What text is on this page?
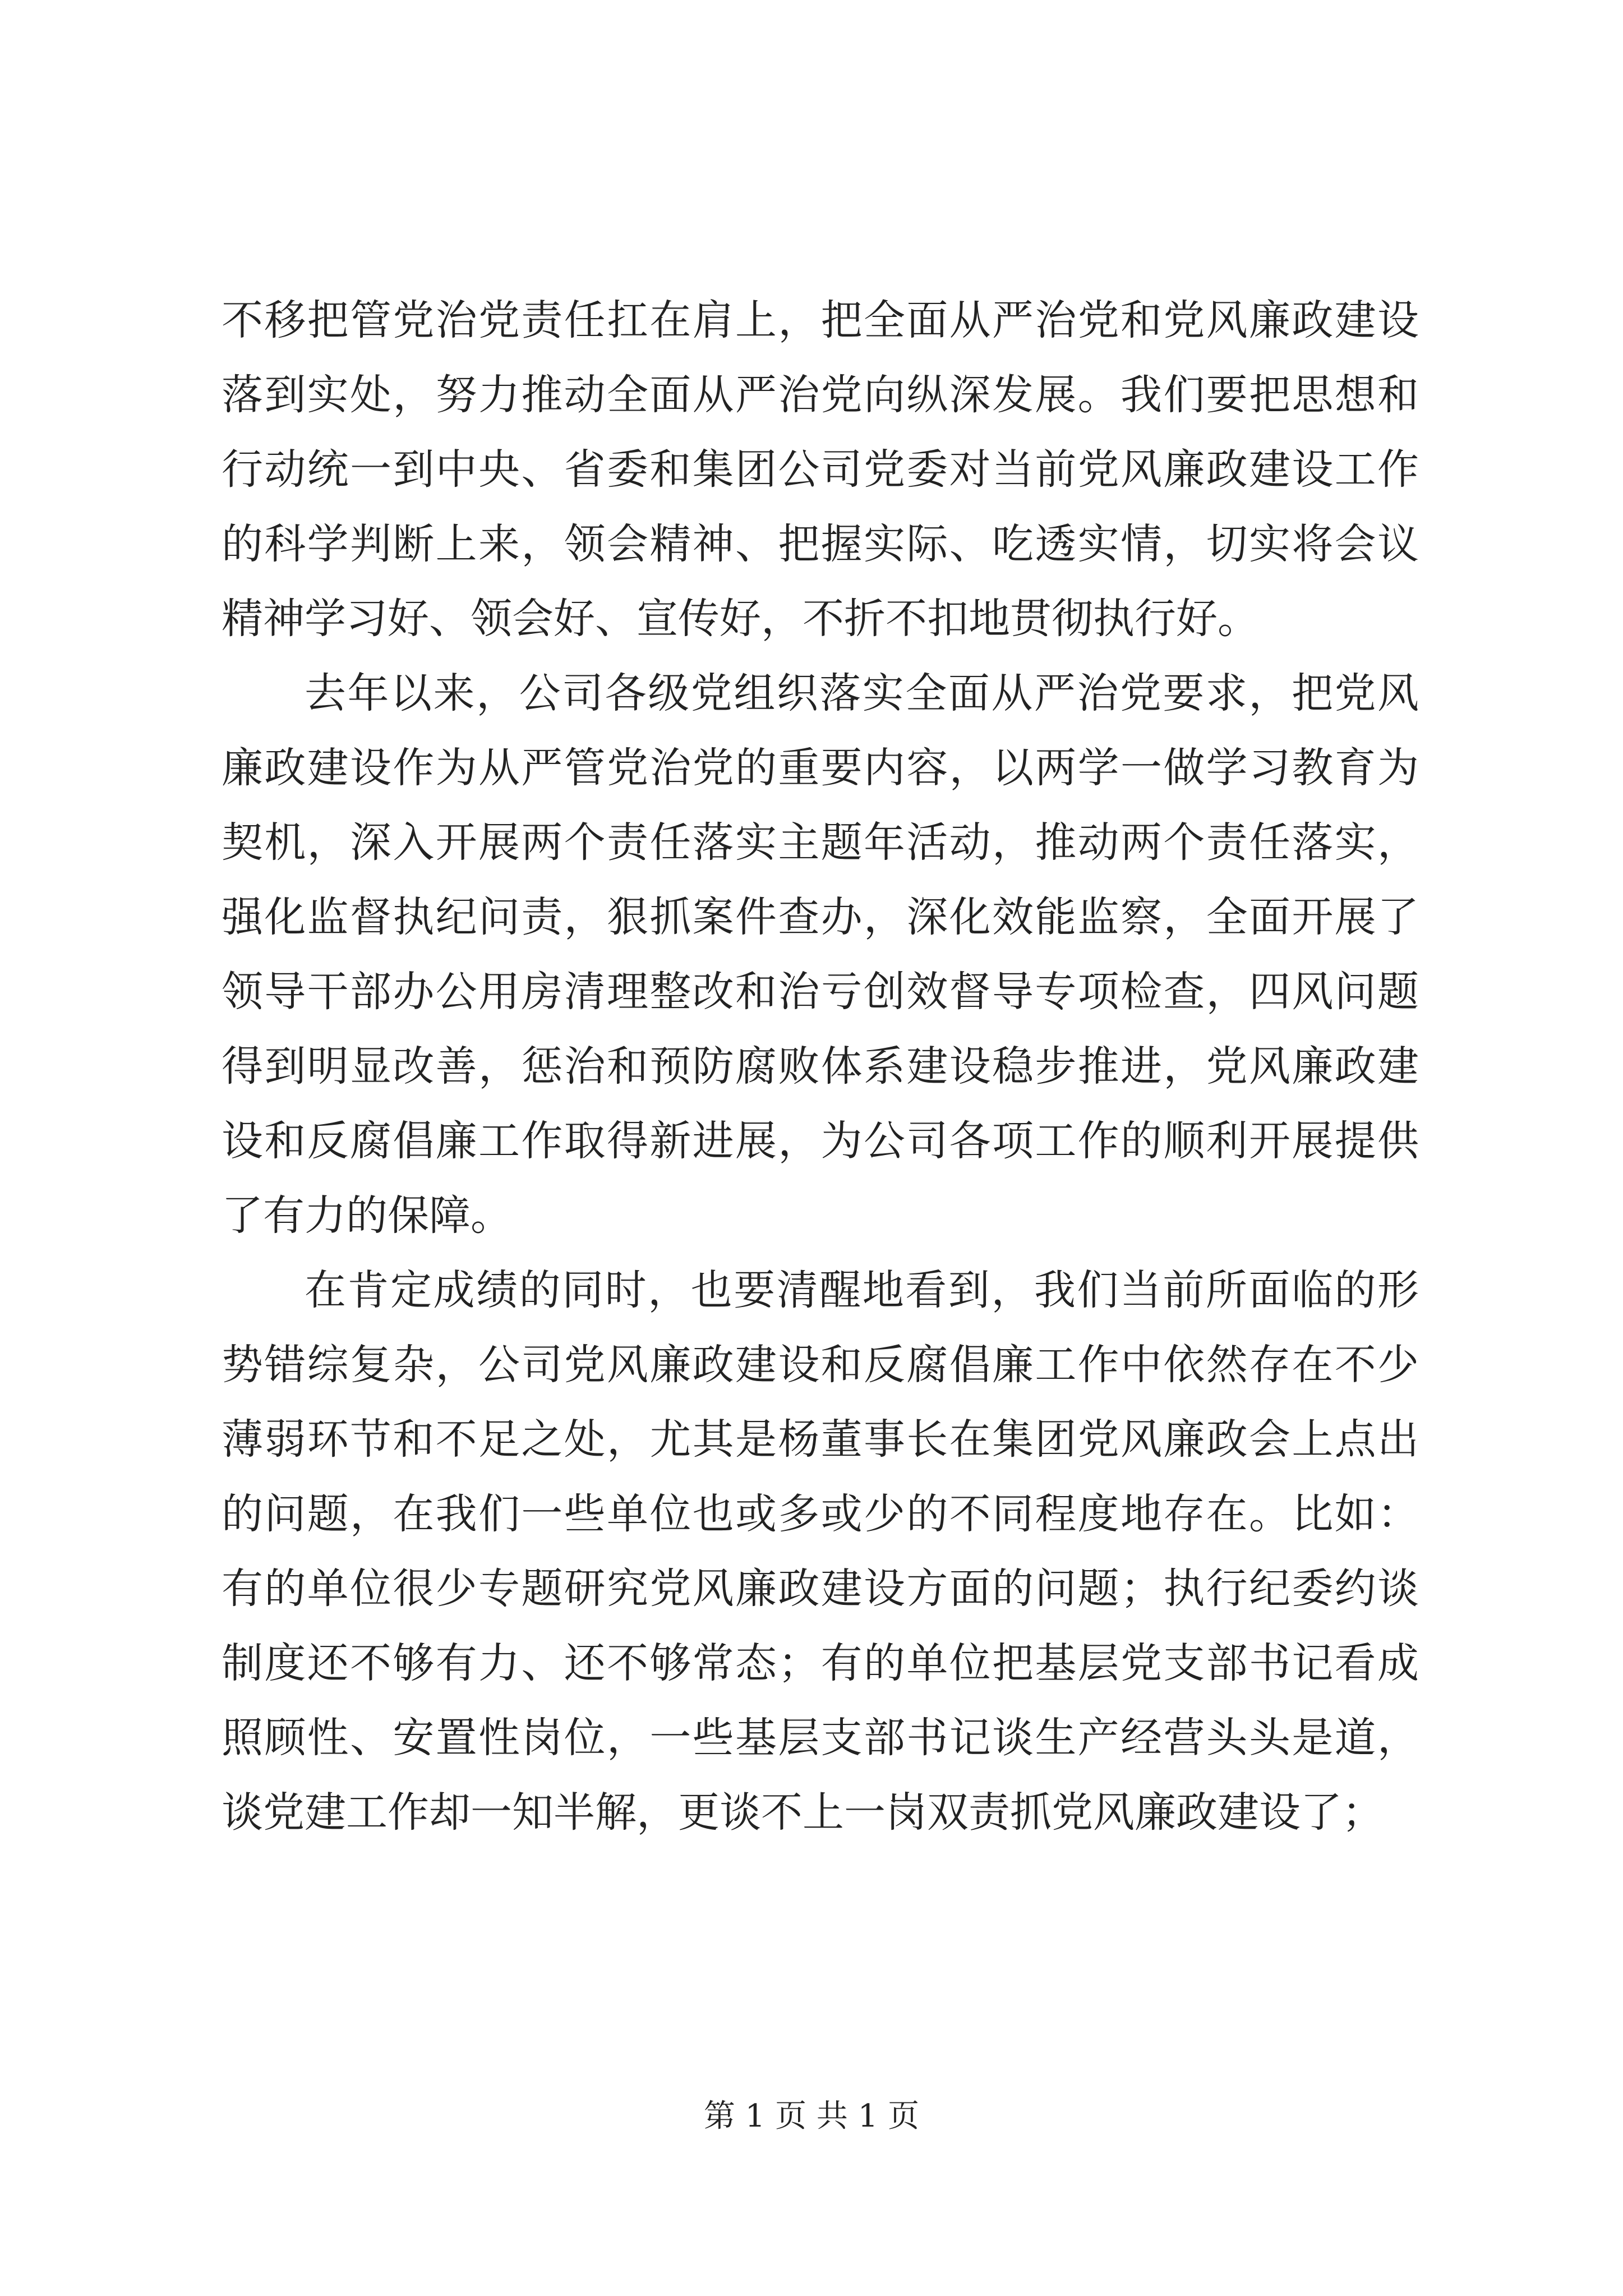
不移把管党治党责任扛在肩上，把全面从严治党和党风廉政建设落到实处，努力推动全面从严治党向纵深发展。我们要把思想和行动统一到中央、省委和集团公司党委对当前党风廉政建设工作的科学判断上来，领会精神、把握实际、吃透实情，切实将会议精神学习好、领会好、宣传好，不折不扣地贯彻执行好。

去年以来，公司各级党组织落实全面从严治党要求，把党风廉政建设作为从严管党治党的重要内容，以两学一做学习教育为契机，深入开展两个责任落实主题年活动，推动两个责任落实，强化监督执纪问责，狠抓案件查办，深化效能监察，全面开展了领导干部办公用房清理整改和治亏创效督导专项检查，四风问题得到明显改善，惩治和预防腐败体系建设稳步推进，党风廉政建设和反腐倡廉工作取得新进展，为公司各项工作的顺利开展提供了有力的保障。

在肯定成绩的同时，也要清醒地看到，我们当前所面临的形势错综复杂，公司党风廉政建设和反腐倡廉工作中依然存在不少薄弱环节和不足之处，尤其是杨董事长在集团党风廉政会上点出的问题，在我们一些单位也或多或少的不同程度地存在。比如：有的单位很少专题研究党风廉政建设方面的问题；执行纪委约谈制度还不够有力、还不够常态；有的单位把基层党支部书记看成照顾性、安置性岗位，一些基层支部书记谈生产经营头头是道，谈党建工作却一知半解，更谈不上一岗双责抓党风廉政建设了；

第 1 页 共 1 页
